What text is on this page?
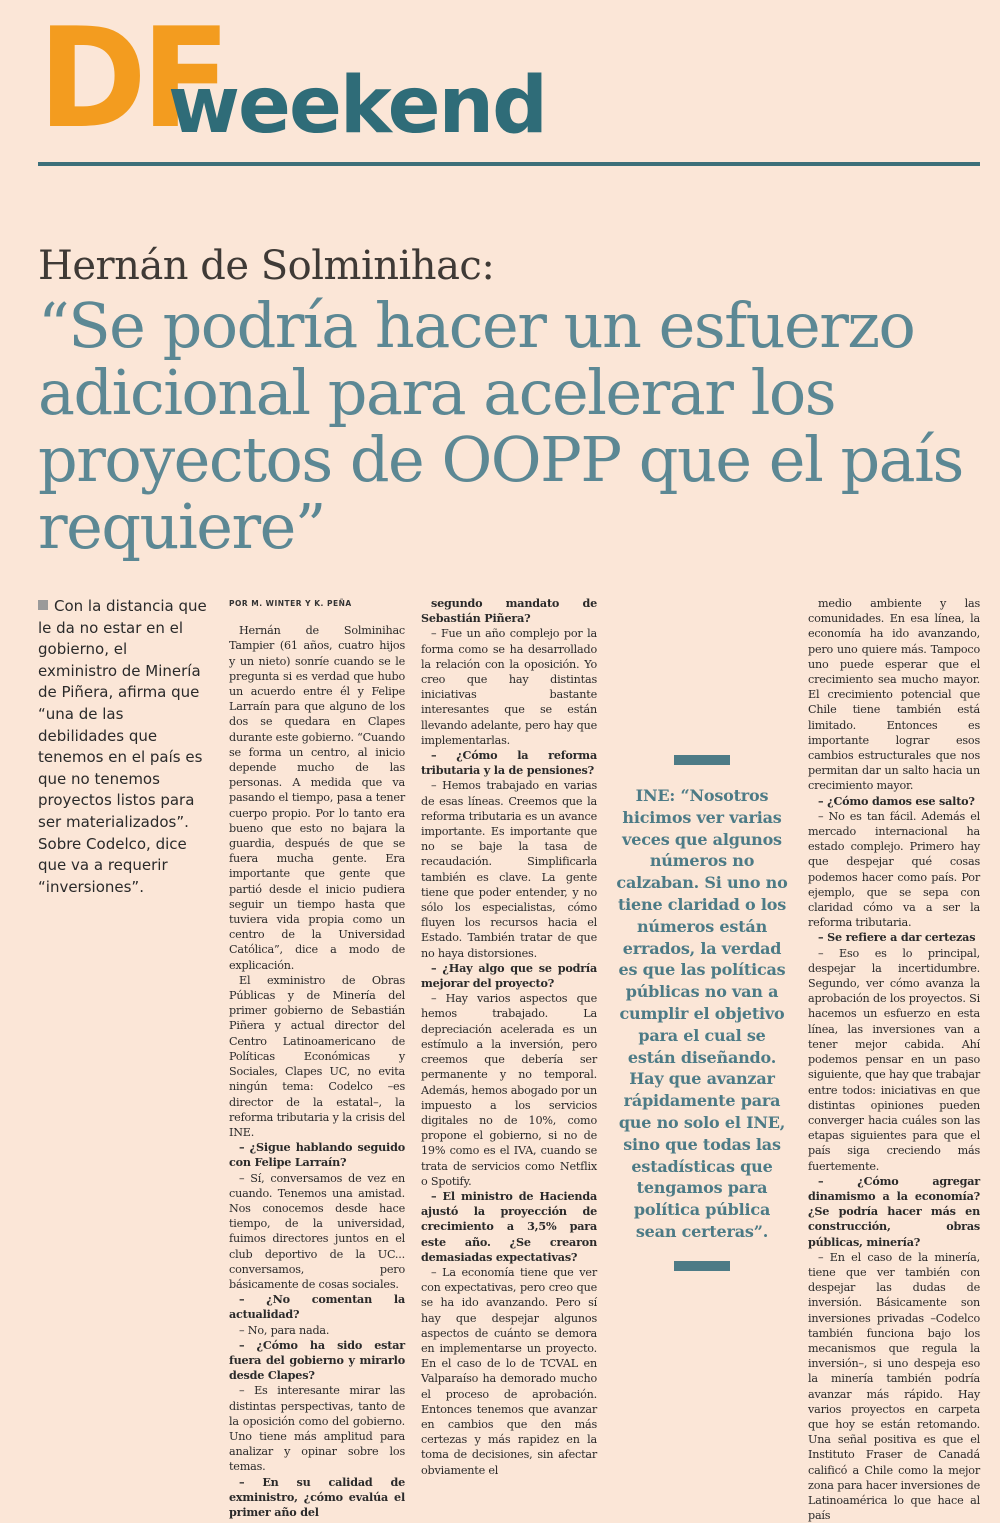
DF
weekend
Hernán de Solminihac:
“Se podría hacer un esfuerzo adicional para acelerar los proyectos de OOPP que el país requiere”
Con la distancia que le da no estar en el gobierno, el exministro de Minería de Piñera, afirma que “una de las debilidades que tenemos en el país es que no tenemos proyectos listos para ser materializados”. Sobre Codelco, dice que va a requerir “inversiones”.

POR M. WINTER Y K. PEÑA

Hernán de Solminihac Tampier (61 años, cuatro hijos y un nieto) sonríe cuando se le pregunta si es verdad que hubo un acuerdo entre él y Felipe Larraín para que alguno de los dos se quedara en Clapes durante este gobierno. “Cuando se forma un centro, al inicio depende mucho de las personas. A medida que va pasando el tiempo, pasa a tener cuerpo propio. Por lo tanto era bueno que esto no bajara la guardia, después de que se fuera mucha gente. Era importante que gente que partió desde el inicio pudiera seguir un tiempo hasta que tuviera vida propia como un centro de la Universidad Católica”, dice a modo de explicación.

El exministro de Obras Públicas y de Minería del primer gobierno de Sebastián Piñera y actual director del Centro Latinoamericano de Políticas Económicas y Sociales, Clapes UC, no evita ningún tema: Codelco –es director de la estatal–, la reforma tributaria y la crisis del INE.

– ¿Sigue hablando seguido con Felipe Larraín?

– Sí, conversamos de vez en cuando. Tenemos una amistad. Nos conocemos desde hace tiempo, de la universidad, fuimos directores juntos en el club deportivo de la UC... conversamos, pero básicamente de cosas sociales.

– ¿No comentan la actualidad?

– No, para nada.

– ¿Cómo ha sido estar fuera del gobierno y mirarlo desde Clapes?

– Es interesante mirar las distintas perspectivas, tanto de la oposición como del gobierno. Uno tiene más amplitud para analizar y opinar sobre los temas.

– En su calidad de exministro, ¿cómo evalúa el primer año del

segundo mandato de Sebastián Piñera?

– Fue un año complejo por la forma como se ha desarrollado la relación con la oposición. Yo creo que hay distintas iniciativas bastante interesantes que se están llevando adelante, pero hay que implementarlas.

– ¿Cómo la reforma tributaria y la de pensiones?

– Hemos trabajado en varias de esas líneas. Creemos que la reforma tributaria es un avance importante. Es importante que no se baje la tasa de recaudación. Simplificarla también es clave. La gente tiene que poder entender, y no sólo los especialistas, cómo fluyen los recursos hacia el Estado. También tratar de que no haya distorsiones.

– ¿Hay algo que se podría mejorar del proyecto?

– Hay varios aspectos que hemos trabajado. La depreciación acelerada es un estímulo a la inversión, pero creemos que debería ser permanente y no temporal. Además, hemos abogado por un impuesto a los servicios digitales no de 10%, como propone el gobierno, si no de 19% como es el IVA, cuando se trata de servicios como Netflix o Spotify.

– El ministro de Hacienda ajustó la proyección de crecimiento a 3,5% para este año. ¿Se crearon demasiadas expectativas?

– La economía tiene que ver con expectativas, pero creo que se ha ido avanzando. Pero sí hay que despejar algunos aspectos de cuánto se demora en implementarse un proyecto. En el caso de lo de TCVAL en Valparaíso ha demorado mucho el proceso de aprobación. Entonces tenemos que avanzar en cambios que den más certezas y más rapidez en la toma de decisiones, sin afectar obviamente el

INE: “Nosotros hicimos ver varias veces que algunos números no calzaban. Si uno no tiene claridad o los números están errados, la verdad es que las políticas públicas no van a cumplir el objetivo para el cual se están diseñando. Hay que avanzar rápidamente para que no solo el INE, sino que todas las estadísticas que tengamos para política pública sean certeras”.

medio ambiente y las comunidades. En esa línea, la economía ha ido avanzando, pero uno quiere más. Tampoco uno puede esperar que el crecimiento sea mucho mayor. El crecimiento potencial que Chile tiene también está limitado. Entonces es importante lograr esos cambios estructurales que nos permitan dar un salto hacia un crecimiento mayor.

– ¿Cómo damos ese salto?

– No es tan fácil. Además el mercado internacional ha estado complejo. Primero hay que despejar qué cosas podemos hacer como país. Por ejemplo, que se sepa con claridad cómo va a ser la reforma tributaria.

– Se refiere a dar certezas

– Eso es lo principal, despejar la incertidumbre. Segundo, ver cómo avanza la aprobación de los proyectos. Si hacemos un esfuerzo en esta línea, las inversiones van a tener mejor cabida. Ahí podemos pensar en un paso siguiente, que hay que trabajar entre todos: iniciativas en que distintas opiniones pueden converger hacia cuáles son las etapas siguientes para que el país siga creciendo más fuertemente.

– ¿Cómo agregar dinamismo a la economía? ¿Se podría hacer más en construcción, obras públicas, minería?

– En el caso de la minería, tiene que ver también con despejar las dudas de inversión. Básicamente son inversiones privadas –Codelco también funciona bajo los mecanismos que regula la inversión–, si uno despeja eso la minería también podría avanzar más rápido. Hay varios proyectos en carpeta que hoy se están retomando. Una señal positiva es que el Instituto Fraser de Canadá calificó a Chile como la mejor zona para hacer inversiones de Latinoamérica lo que hace al país
